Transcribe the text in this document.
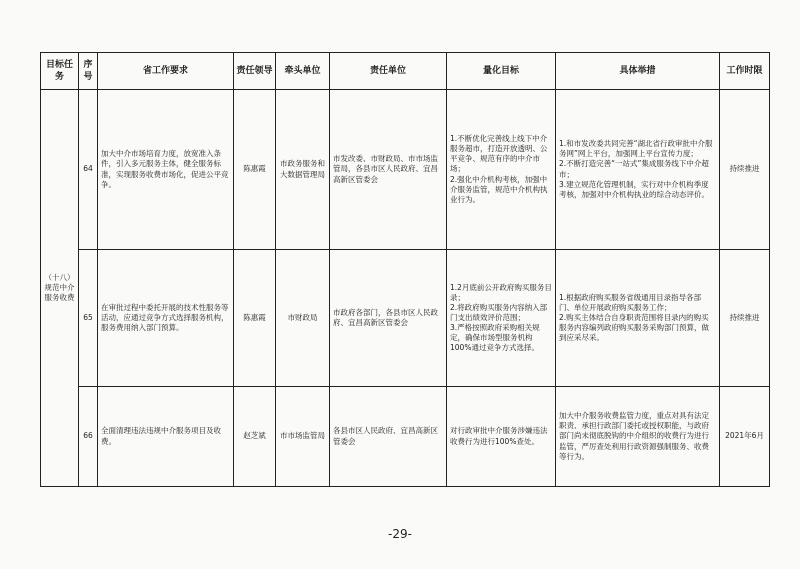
目标任务	序号	省工作要求	责任领导	牵头单位	责任单位	量化目标	具体举措	工作时限
（十八）规范中介服务收费	64	加大中介市场培育力度，放宽准入条件，引入多元服务主体，健全服务标准，实现服务收费市场化，促进公平竞争。	陈惠霞	市政务服务和大数据管理局	市发改委、市财政局、市市场监管局，各县市区人民政府、宜昌高新区管委会	1.不断优化完善线上线下中介服务超市，打造开放透明、公平竞争、规范有序的中介市场；
2.强化中介机构考核，加强中介服务监管，规范中介机构执业行为。	1.和市发改委共同完善“湖北省行政审批中介服务网”网上平台，加强网上平台宣传力度；
2.不断打造完善“一站式”集成服务线下中介超市；
3.建立规范化管理机制，实行对中介机构季度考核，加强对中介机构执业的综合动态评价。	持续推进
	65	在审批过程中委托开展的技术性服务等活动，应通过竞争方式选择服务机构，服务费用纳入部门预算。	陈惠霞	市财政局	市政府各部门，各县市区人民政府、宜昌高新区管委会	1.2月底前公开政府购买服务目录；
2.将政府购买服务内容纳入部门支出绩效评价范围；
3.严格按照政府采购相关规定，确保市场型服务机构100%通过竞争方式选择。	1.根据政府购买服务省级通用目录指导各部门、单位开展政府购买服务工作；
2.购买主体结合自身职责范围将目录内的购买服务内容编列政府购买服务采购部门预算，做到应采尽采。	持续推进
	66	全面清理违法违规中介服务项目及收费。	赵芝斌	市市场监管局	各县市区人民政府、宜昌高新区管委会	对行政审批中介服务涉嫌违法收费行为进行100%查处。	加大中介服务收费监管力度，重点对具有法定职责、承担行政部门委托或授权职能，与政府部门尚未彻底脱钩的中介组织的收费行为进行监管，严厉查处利用行政资源强制服务、收费等行为。	2021年6月
-29-
